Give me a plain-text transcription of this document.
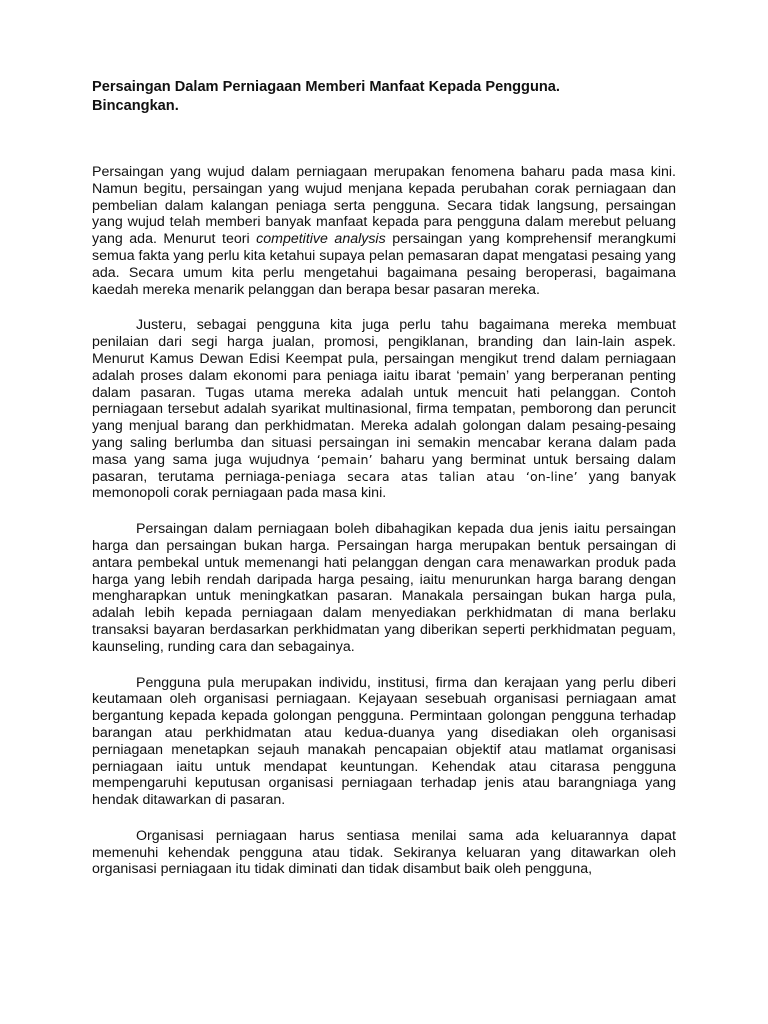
Persaingan Dalam Perniagaan Memberi Manfaat Kepada Pengguna.
Bincangkan.

Persaingan yang wujud dalam perniagaan merupakan fenomena baharu pada masa kini. Namun begitu, persaingan yang wujud menjana kepada perubahan corak perniagaan dan pembelian dalam kalangan peniaga serta pengguna. Secara tidak langsung, persaingan yang wujud telah memberi banyak manfaat kepada para pengguna dalam merebut peluang yang ada. Menurut teori competitive analysis persaingan yang komprehensif merangkumi semua fakta yang perlu kita ketahui supaya pelan pemasaran dapat mengatasi pesaing yang ada. Secara umum kita perlu mengetahui bagaimana pesaing beroperasi, bagaimana kaedah mereka menarik pelanggan dan berapa besar pasaran mereka.

Justeru, sebagai pengguna kita juga perlu tahu bagaimana mereka membuat penilaian dari segi harga jualan, promosi, pengiklanan, branding dan lain-lain aspek. Menurut Kamus Dewan Edisi Keempat pula, persaingan mengikut trend dalam perniagaan adalah proses dalam ekonomi para peniaga iaitu ibarat ‘pemain’ yang berperanan penting dalam pasaran. Tugas utama mereka adalah untuk mencuit hati pelanggan. Contoh perniagaan tersebut adalah syarikat multinasional, firma tempatan, pemborong dan peruncit yang menjual barang dan perkhidmatan. Mereka adalah golongan dalam pesaing-pesaing yang saling berlumba dan situasi persaingan ini semakin mencabar kerana dalam pada masa yang sama juga wujudnya ‘pemain’ baharu yang berminat untuk bersaing dalam pasaran, terutama perniaga-peniaga secara atas talian atau ‘on-line’ yang banyak memonopoli corak perniagaan pada masa kini.

Persaingan dalam perniagaan boleh dibahagikan kepada dua jenis iaitu persaingan harga dan persaingan bukan harga. Persaingan harga merupakan bentuk persaingan di antara pembekal untuk memenangi hati pelanggan dengan cara menawarkan produk pada harga yang lebih rendah daripada harga pesaing, iaitu menurunkan harga barang dengan mengharapkan untuk meningkatkan pasaran. Manakala persaingan bukan harga pula, adalah lebih kepada perniagaan dalam menyediakan perkhidmatan di mana berlaku transaksi bayaran berdasarkan perkhidmatan yang diberikan seperti perkhidmatan peguam, kaunseling, runding cara dan sebagainya.

Pengguna pula merupakan individu, institusi, firma dan kerajaan yang perlu diberi keutamaan oleh organisasi perniagaan. Kejayaan sesebuah organisasi perniagaan amat bergantung kepada kepada golongan pengguna. Permintaan golongan pengguna terhadap barangan atau perkhidmatan atau kedua-duanya yang disediakan oleh organisasi perniagaan menetapkan sejauh manakah pencapaian objektif atau matlamat organisasi perniagaan iaitu untuk mendapat keuntungan. Kehendak atau citarasa pengguna mempengaruhi keputusan organisasi perniagaan terhadap jenis atau barangniaga yang hendak ditawarkan di pasaran.

Organisasi perniagaan harus sentiasa menilai sama ada keluarannya dapat memenuhi kehendak pengguna atau tidak. Sekiranya keluaran yang ditawarkan oleh organisasi perniagaan itu tidak diminati dan tidak disambut baik oleh pengguna,
